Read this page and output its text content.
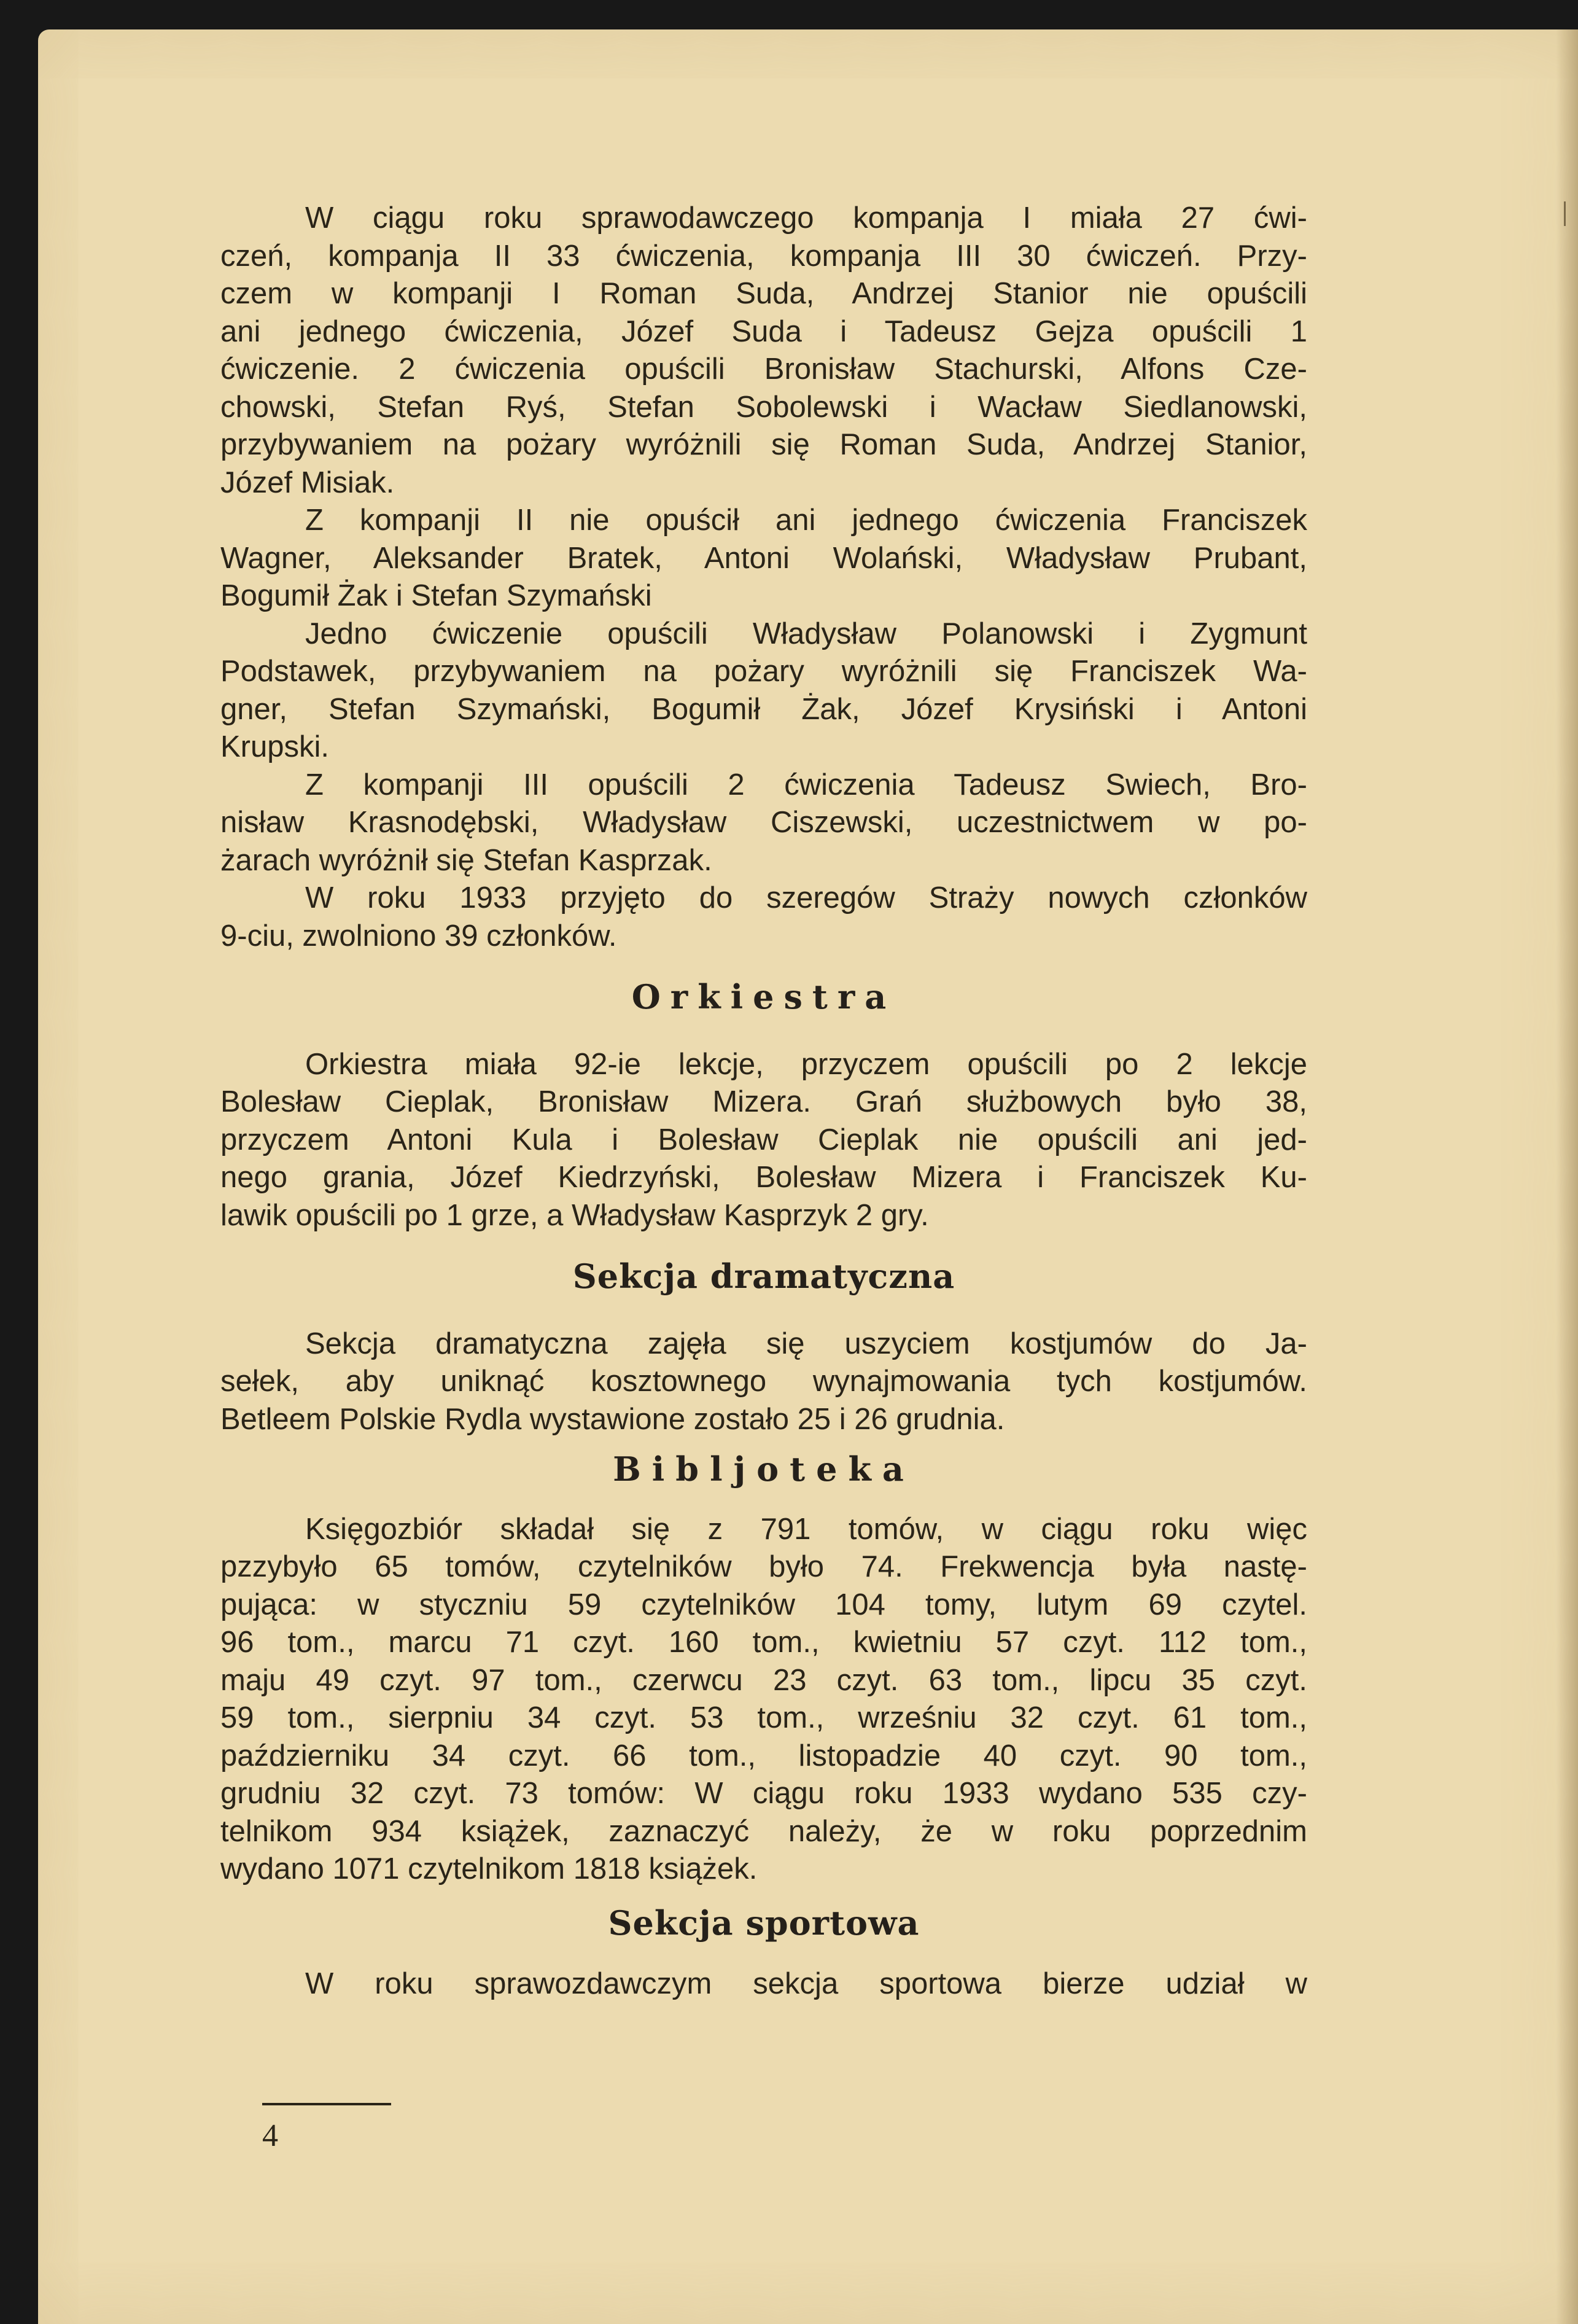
W ciągu roku sprawodawczego kompanja I miała 27 ćwi-
czeń, kompanja II 33 ćwiczenia, kompanja III 30 ćwiczeń. Przy-
czem w kompanji I Roman Suda, Andrzej Stanior nie opuścili
ani jednego ćwiczenia, Józef Suda i Tadeusz Gejza opuścili 1
ćwiczenie. 2 ćwiczenia opuścili Bronisław Stachurski, Alfons Cze-
chowski, Stefan Ryś, Stefan Sobolewski i Wacław Siedlanowski,
przybywaniem na pożary wyróżnili się Roman Suda, Andrzej Stanior,
Józef Misiak.
Z kompanji II nie opuścił ani jednego ćwiczenia Franciszek
Wagner, Aleksander Bratek, Antoni Wolański, Władysław Prubant,
Bogumił Żak i Stefan Szymański
Jedno ćwiczenie opuścili Władysław Polanowski i Zygmunt
Podstawek, przybywaniem na pożary wyróżnili się Franciszek Wa-
gner, Stefan Szymański, Bogumił Żak, Józef Krysiński i Antoni
Krupski.
Z kompanji III opuścili 2 ćwiczenia Tadeusz Swiech, Bro-
nisław Krasnodębski, Władysław Ciszewski, uczestnictwem w po-
żarach wyróżnił się Stefan Kasprzak.
W roku 1933 przyjęto do szeregów Straży nowych członków
9-ciu, zwolniono 39 członków.
Orkiestra
Orkiestra miała 92-ie lekcje, przyczem opuścili po 2 lekcje
Bolesław Cieplak, Bronisław Mizera. Grań służbowych było 38,
przyczem Antoni Kula i Bolesław Cieplak nie opuścili ani jed-
nego grania, Józef Kiedrzyński, Bolesław Mizera i Franciszek Ku-
lawik opuścili po 1 grze, a Władysław Kasprzyk 2 gry.
Sekcja dramatyczna
Sekcja dramatyczna zajęła się uszyciem kostjumów do Ja-
sełek, aby uniknąć kosztownego wynajmowania tych kostjumów.
Betleem Polskie Rydla wystawione zostało 25 i 26 grudnia.
Bibljoteka
Księgozbiór składał się z 791 tomów, w ciągu roku więc
pzzybyło 65 tomów, czytelników było 74. Frekwencja była nastę-
pująca: w styczniu 59 czytelników 104 tomy, lutym 69 czytel.
96 tom., marcu 71 czyt. 160 tom., kwietniu 57 czyt. 112 tom.,
maju 49 czyt. 97 tom., czerwcu 23 czyt. 63 tom., lipcu 35 czyt.
59 tom., sierpniu 34 czyt. 53 tom., wrześniu 32 czyt. 61 tom.,
październiku 34 czyt. 66 tom., listopadzie 40 czyt. 90 tom.,
grudniu 32 czyt. 73 tomów: W ciągu roku 1933 wydano 535 czy-
telnikom 934 książek, zaznaczyć należy, że w roku poprzednim
wydano 1071 czytelnikom 1818 książek.
Sekcja sportowa
W roku sprawozdawczym sekcja sportowa bierze udział w
4
